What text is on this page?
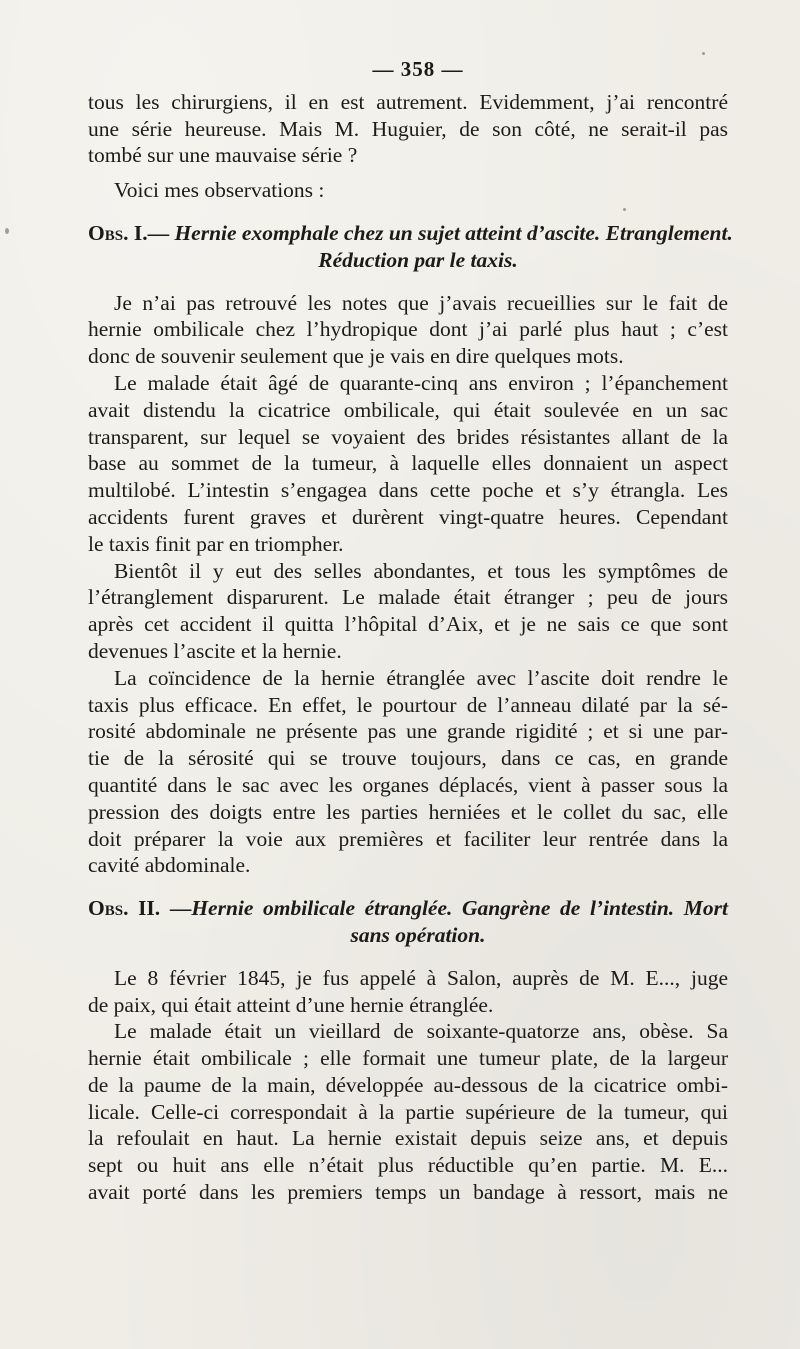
— 358 —
tous les chirurgiens, il en est autrement. Evidemment, j’ai rencontré
une série heureuse. Mais M. Huguier, de son côté, ne serait-il pas
tombé sur une mauvaise série ?
Voici mes observations :
Obs. I.— Hernie exomphale chez un sujet atteint d’ascite. Etranglement.
Réduction par le taxis.
Je n’ai pas retrouvé les notes que j’avais recueillies sur le fait de
hernie ombilicale chez l’hydropique dont j’ai parlé plus haut ; c’est
donc de souvenir seulement que je vais en dire quelques mots.
Le malade était âgé de quarante-cinq ans environ ; l’épanchement
avait distendu la cicatrice ombilicale, qui était soulevée en un sac
transparent, sur lequel se voyaient des brides résistantes allant de la
base au sommet de la tumeur, à laquelle elles donnaient un aspect
multilobé. L’intestin s’engagea dans cette poche et s’y étrangla. Les
accidents furent graves et durèrent vingt-quatre heures. Cependant
le taxis finit par en triompher.
Bientôt il y eut des selles abondantes, et tous les symptômes de
l’étranglement disparurent. Le malade était étranger ; peu de jours
après cet accident il quitta l’hôpital d’Aix, et je ne sais ce que sont
devenues l’ascite et la hernie.
La coïncidence de la hernie étranglée avec l’ascite doit rendre le
taxis plus efficace. En effet, le pourtour de l’anneau dilaté par la sé-
rosité abdominale ne présente pas une grande rigidité ; et si une par-
tie de la sérosité qui se trouve toujours, dans ce cas, en grande
quantité dans le sac avec les organes déplacés, vient à passer sous la
pression des doigts entre les parties herniées et le collet du sac, elle
doit préparer la voie aux premières et faciliter leur rentrée dans la
cavité abdominale.
Obs. II. —Hernie ombilicale étranglée. Gangrène de l’intestin. Mort
sans opération.
Le 8 février 1845, je fus appelé à Salon, auprès de M. E..., juge
de paix, qui était atteint d’une hernie étranglée.
Le malade était un vieillard de soixante-quatorze ans, obèse. Sa
hernie était ombilicale ; elle formait une tumeur plate, de la largeur
de la paume de la main, développée au-dessous de la cicatrice ombi-
licale. Celle-ci correspondait à la partie supérieure de la tumeur, qui
la refoulait en haut. La hernie existait depuis seize ans, et depuis
sept ou huit ans elle n’était plus réductible qu’en partie. M. E...
avait porté dans les premiers temps un bandage à ressort, mais ne
